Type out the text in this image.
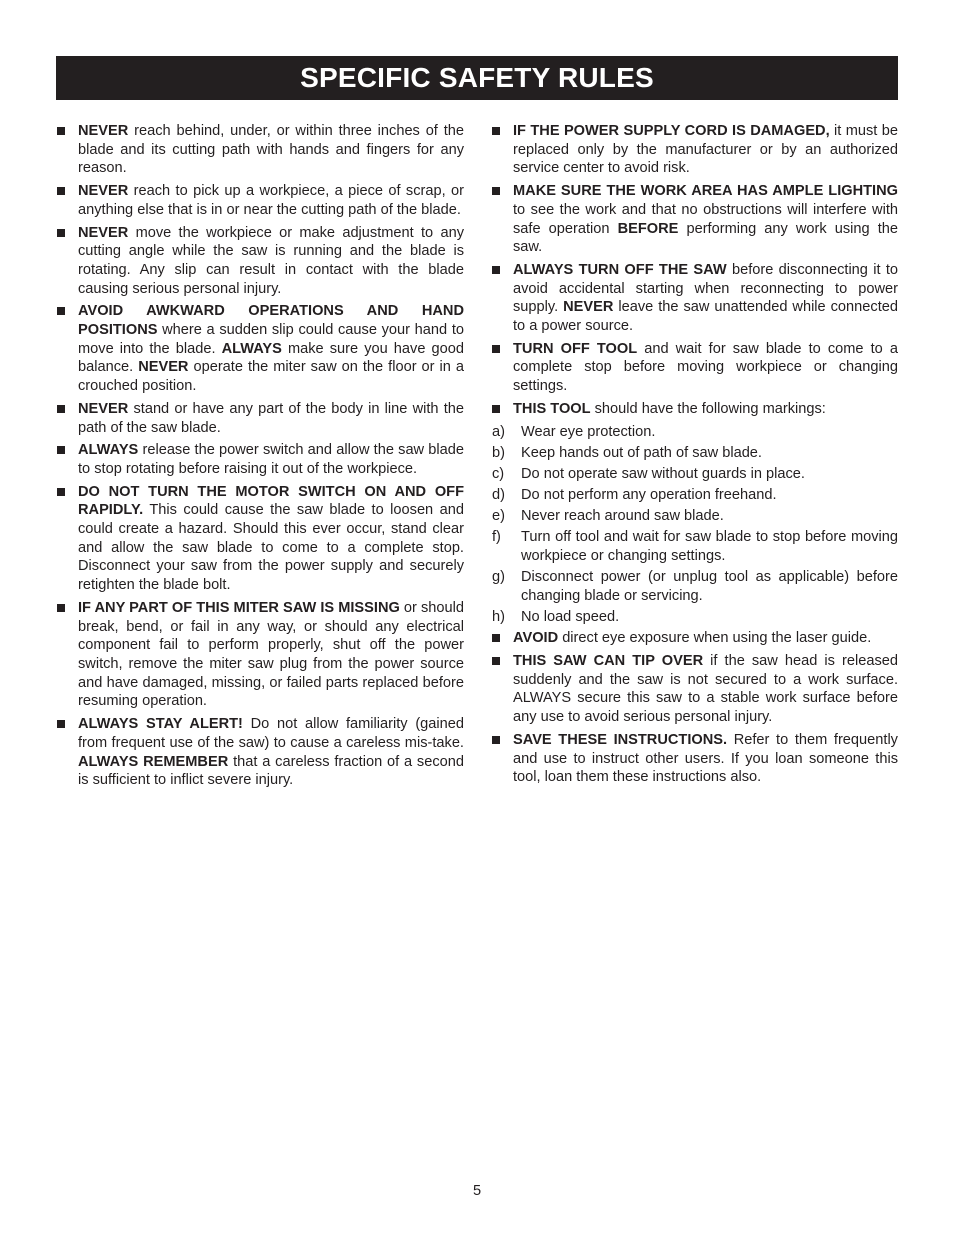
SPECIFIC SAFETY RULES
NEVER reach behind, under, or within three inches of the blade and its cutting path with hands and fingers for any reason.
NEVER reach to pick up a workpiece, a piece of scrap, or anything else that is in or near the cutting path of the blade.
NEVER move the workpiece or make adjustment to any cutting angle while the saw is running and the blade is rotating. Any slip can result in contact with the blade causing serious personal injury.
AVOID AWKWARD OPERATIONS AND HAND POSITIONS where a sudden slip could cause your hand to move into the blade. ALWAYS make sure you have good balance. NEVER operate the miter saw on the floor or in a crouched position.
NEVER stand or have any part of the body in line with the path of the saw blade.
ALWAYS release the power switch and allow the saw blade to stop rotating before raising it out of the workpiece.
DO NOT TURN THE MOTOR SWITCH ON AND OFF RAPIDLY. This could cause the saw blade to loosen and could create a hazard. Should this ever occur, stand clear and allow the saw blade to come to a complete stop. Disconnect your saw from the power supply and securely retighten the blade bolt.
IF ANY PART OF THIS MITER SAW IS MISSING or should break, bend, or fail in any way, or should any electrical component fail to perform properly, shut off the power switch, remove the miter saw plug from the power source and have damaged, missing, or failed parts replaced before resuming operation.
ALWAYS STAY ALERT! Do not allow familiarity (gained from frequent use of the saw) to cause a careless mis-take. ALWAYS REMEMBER that a careless fraction of a second is sufficient to inflict severe injury.
IF THE POWER SUPPLY CORD IS DAMAGED, it must be replaced only by the manufacturer or by an authorized service center to avoid risk.
MAKE SURE THE WORK AREA HAS AMPLE LIGHTING to see the work and that no obstructions will interfere with safe operation BEFORE performing any work using the saw.
ALWAYS TURN OFF THE SAW before disconnecting it to avoid accidental starting when reconnecting to power supply. NEVER leave the saw unattended while connected to a power source.
TURN OFF TOOL and wait for saw blade to come to a complete stop before moving workpiece or changing settings.
THIS TOOL should have the following markings:
a) Wear eye protection.
b) Keep hands out of path of saw blade.
c) Do not operate saw without guards in place.
d) Do not perform any operation freehand.
e) Never reach around saw blade.
f) Turn off tool and wait for saw blade to stop before moving workpiece or changing settings.
g) Disconnect power (or unplug tool as applicable) before changing blade or servicing.
h) No load speed.
AVOID direct eye exposure when using the laser guide.
THIS SAW CAN TIP OVER if the saw head is released suddenly and the saw is not secured to a work surface. ALWAYS secure this saw to a stable work surface before any use to avoid serious personal injury.
SAVE THESE INSTRUCTIONS. Refer to them frequently and use to instruct other users. If you loan someone this tool, loan them these instructions also.
5
